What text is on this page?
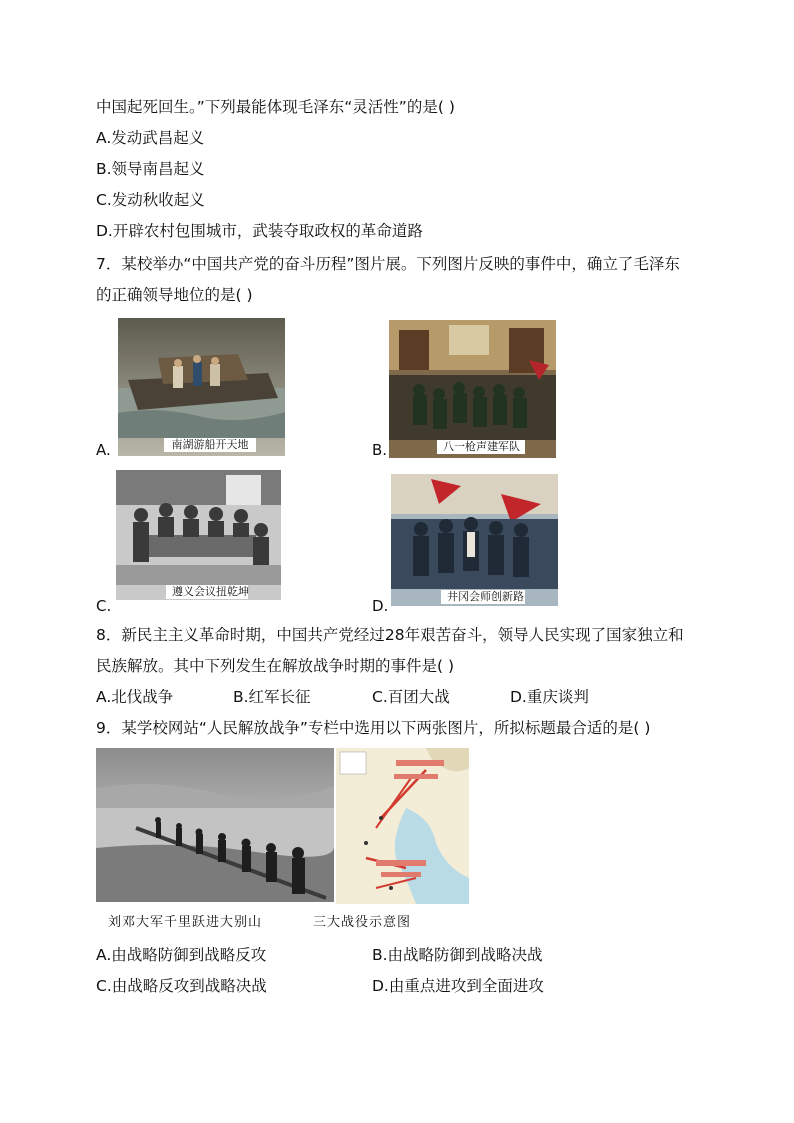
中国起死回生。”下列最能体现毛泽东“灵活性”的是( )
A.发动武昌起义
B.领导南昌起义
C.发动秋收起义
D.开辟农村包围城市，武装夺取政权的革命道路
7．某校举办“中国共产党的奋斗历程”图片展。下列图片反映的事件中，确立了毛泽东
的正确领导地位的是( )
南湖游船开天地
A.	八一枪声建军队
B.
遵义会议扭乾坤
C.
井冈会师创新路
D.
8．新民主主义革命时期，中国共产党经过28年艰苦奋斗，领导人民实现了国家独立和
民族解放。其中下列发生在解放战争时期的事件是( )
A.北伐战争	B.红军长征	C.百团大战	D.重庆谈判
9．某学校网站“人民解放战争”专栏中选用以下两张图片，所拟标题最合适的是( )
刘邓大军千里跃进大别山	三大战役示意图
A.由战略防御到战略反攻	B.由战略防御到战略决战
C.由战略反攻到战略决战	D.由重点进攻到全面进攻
